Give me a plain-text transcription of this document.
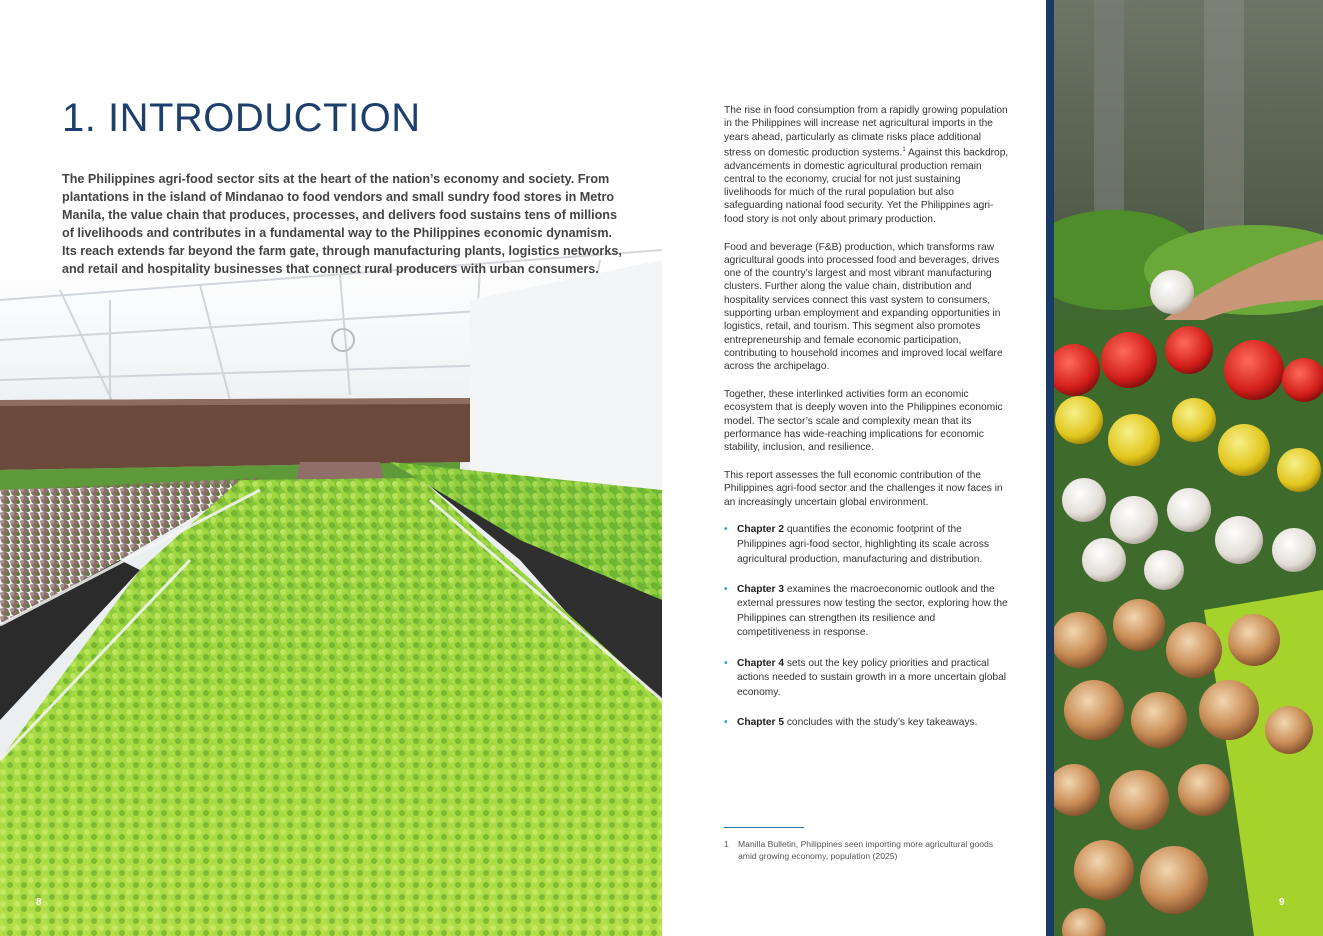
1. INTRODUCTION

The Philippines agri-food sector sits at the heart of the nation’s economy and society. From plantations in the island of Mindanao to food vendors and small sundry food stores in Metro Manila, the value chain that produces, processes, and delivers food sustains tens of millions of livelihoods and contributes in a fundamental way to the Philippines economic dynamism. Its reach extends far beyond the farm gate, through manufacturing plants, logistics networks, and retail and hospitality businesses that connect rural producers with urban consumers.

8

The rise in food consumption from a rapidly growing population in the Philippines will increase net agricultural imports in the years ahead, particularly as climate risks place additional stress on domestic production systems.$^1$ Against this backdrop, advancements in domestic agricultural production remain central to the economy, crucial for not just sustaining livelihoods for much of the rural population but also safeguarding national food security. Yet the Philippines agri-food story is not only about primary production.

Food and beverage (F&B) production, which transforms raw agricultural goods into processed food and beverages, drives one of the country’s largest and most vibrant manufacturing clusters. Further along the value chain, distribution and hospitality services connect this vast system to consumers, supporting urban employment and expanding opportunities in logistics, retail, and tourism. This segment also promotes entrepreneurship and female economic participation, contributing to household incomes and improved local welfare across the archipelago.

Together, these interlinked activities form an economic ecosystem that is deeply woven into the Philippines economic model. The sector’s scale and complexity mean that its performance has wide-reaching implications for economic stability, inclusion, and resilience.

This report assesses the full economic contribution of the Philippines agri-food sector and the challenges it now faces in an increasingly uncertain global environment.

• Chapter 2 quantifies the economic footprint of the Philippines agri-food sector, highlighting its scale across agricultural production, manufacturing and distribution.
• Chapter 3 examines the macroeconomic outlook and the external pressures now testing the sector, exploring how the Philippines can strengthen its resilience and competitiveness in response.
• Chapter 4 sets out the key policy priorities and practical actions needed to sustain growth in a more uncertain global economy.
• Chapter 5 concludes with the study’s key takeaways.
1	Manilla Bulletin, Philippines seen importing more agricultural goods amid growing economy, population (2025)
9
